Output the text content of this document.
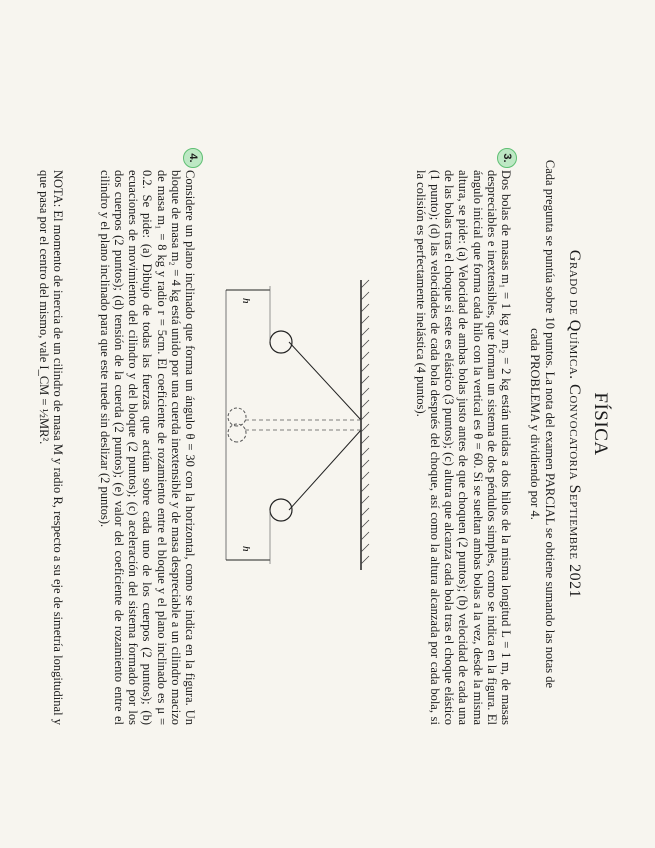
FÍSICA
Grado de Química. Convocatoria Septiembre 2021
Cada pregunta se puntúa sobre 10 puntos. La nota del examen PARCIAL se obtiene sumando las notas de cada PROBLEMA y dividiendo por 4.
3.
Dos bolas de masas m₁ = 1 kg y m₂ = 2 kg están unidas a dos hilos de la misma longitud L = 1 m, de masas despreciables e inextensibles, que forman un sistema de dos péndulos simples, como se indica en la figura. El ángulo inicial que forma cada hilo con la vertical es θ = 60. Si se sueltan ambas bolas a la vez, desde la misma altura, se pide: (a) Velocidad de ambas bolas justo antes de que choquen (2 puntos); (b) velocidad de cada una de las bolas tras el choque si este es elástico (3 puntos); (c) altura que alcanza cada bola tras el choque elástico (1 punto); (d) las velocidades de cada bola después del choque, así como la altura alcanzada por cada bola, si la colisión es perfectamente inelástica (4 puntos).
h
h
4.
Considere un plano inclinado que forma un ángulo θ = 30 con la horizontal, como se indica en la figura. Un bloque de masa m₂ = 4 kg está unido por una cuerda inextensible y de masa despreciable a un cilindro macizo de masa m₁ = 8 kg y radio r = 5cm. El coeficiente de rozamiento entre el bloque y el plano inclinado es μ = 0.2. Se pide: (a) Dibujo de todas las fuerzas que actúan sobre cada uno de los cuerpos (2 puntos); (b) ecuaciones de movimiento del cilindro y del bloque (2 puntos); (c) aceleración del sistema formado por los dos cuerpos (2 puntos); (d) tensión de la cuerda (2 puntos); (e) valor del coeficiente de rozamiento entre el cilindro y el plano inclinado para que este ruede sin deslizar (2 puntos).
NOTA: El momento de inercia de un cilindro de masa M y radio R, respecto a su eje de simetría longitudinal y que pasa por el centro del mismo, vale I_CM = ½MR².
